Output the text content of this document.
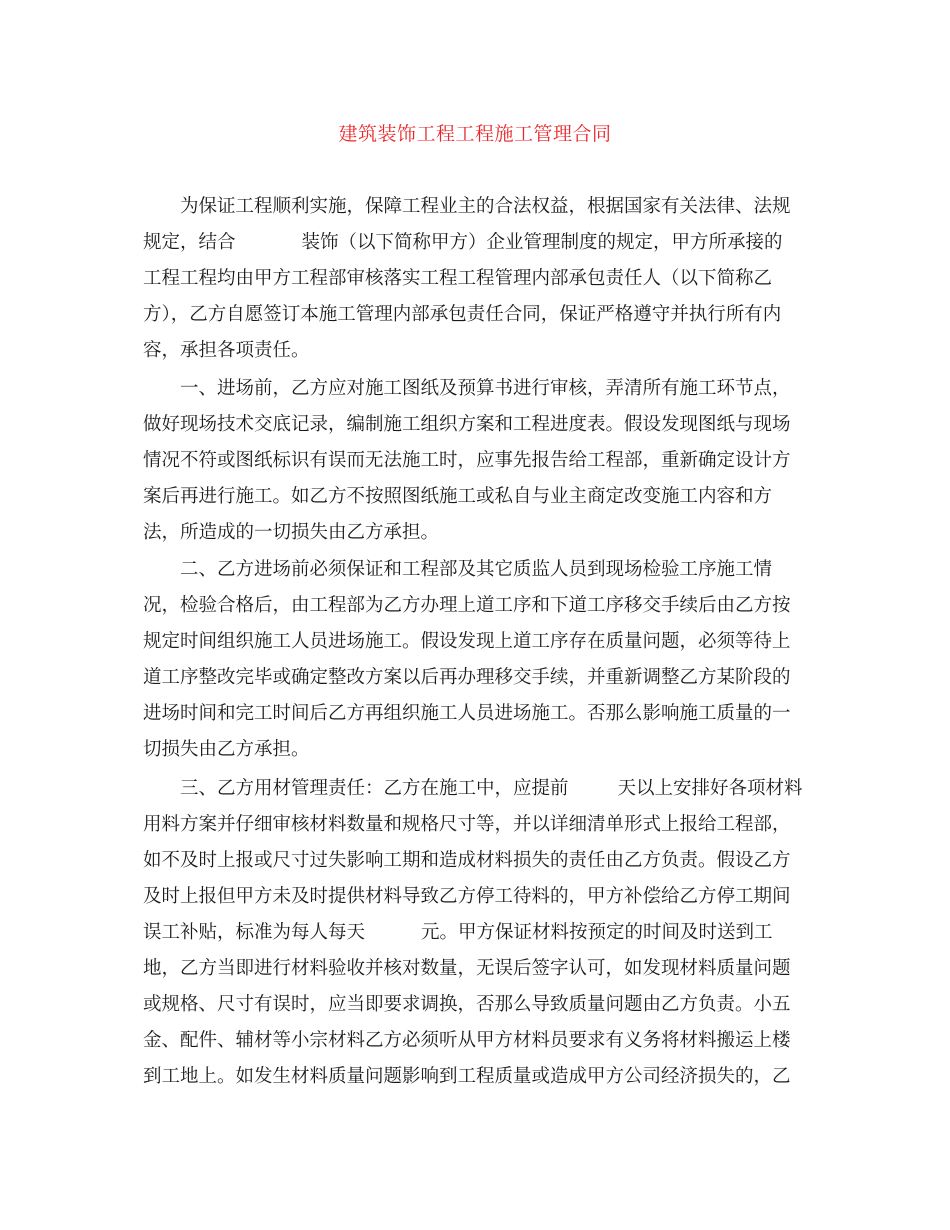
建筑装饰工程工程施工管理合同
为保证工程顺利实施，保障工程业主的合法权益，根据国家有关法律、法规
规定，结合	装饰（以下简称甲方）企业管理制度的规定，甲方所承接的
工程工程均由甲方工程部审核落实工程工程管理内部承包责任人（以下简称乙
方），乙方自愿签订本施工管理内部承包责任合同，保证严格遵守并执行所有内
容，承担各项责任。
一、进场前，乙方应对施工图纸及预算书进行审核，弄清所有施工环节点，
做好现场技术交底记录，编制施工组织方案和工程进度表。假设发现图纸与现场
情况不符或图纸标识有误而无法施工时，应事先报告给工程部，重新确定设计方
案后再进行施工。如乙方不按照图纸施工或私自与业主商定改变施工内容和方
法，所造成的一切损失由乙方承担。
二、乙方进场前必须保证和工程部及其它质监人员到现场检验工序施工情
况，检验合格后，由工程部为乙方办理上道工序和下道工序移交手续后由乙方按
规定时间组织施工人员进场施工。假设发现上道工序存在质量问题，必须等待上
道工序整改完毕或确定整改方案以后再办理移交手续，并重新调整乙方某阶段的
进场时间和完工时间后乙方再组织施工人员进场施工。否那么影响施工质量的一
切损失由乙方承担。
三、乙方用材管理责任：乙方在施工中，应提前	天以上安排好各项材料
用料方案并仔细审核材料数量和规格尺寸等，并以详细清单形式上报给工程部，
如不及时上报或尺寸过失影响工期和造成材料损失的责任由乙方负责。假设乙方
及时上报但甲方未及时提供材料导致乙方停工待料的，甲方补偿给乙方停工期间
误工补贴，标准为每人每天	元。甲方保证材料按预定的时间及时送到工
地，乙方当即进行材料验收并核对数量，无误后签字认可，如发现材料质量问题
或规格、尺寸有误时，应当即要求调换，否那么导致质量问题由乙方负责。小五
金、配件、辅材等小宗材料乙方必须听从甲方材料员要求有义务将材料搬运上楼
到工地上。如发生材料质量问题影响到工程质量或造成甲方公司经济损失的，乙
